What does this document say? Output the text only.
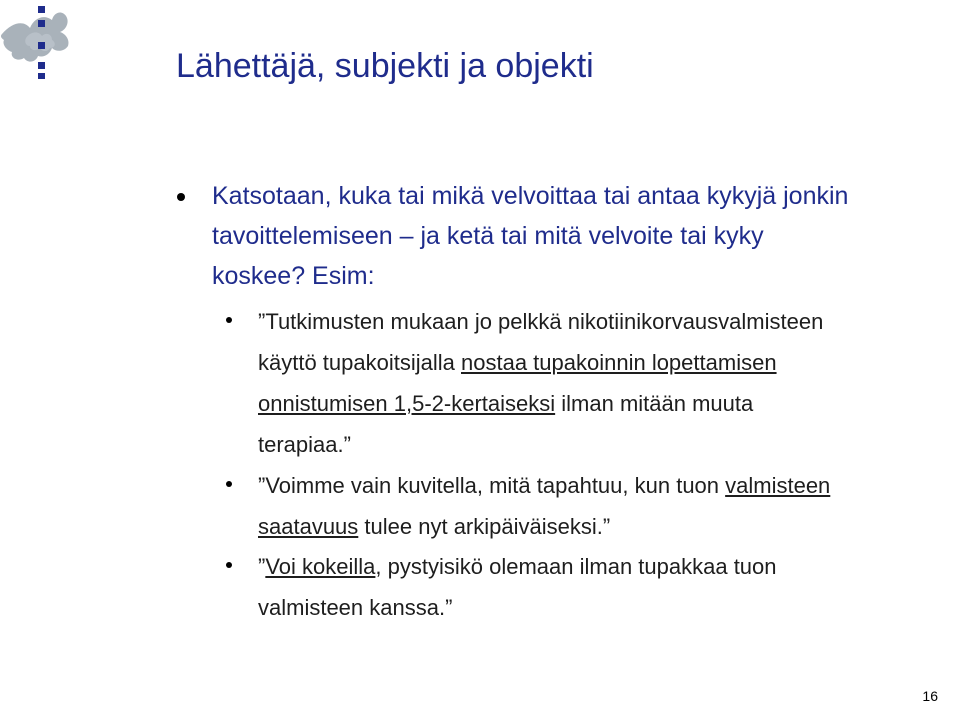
Lähettäjä, subjekti ja objekti
Katsotaan, kuka tai mikä velvoittaa tai antaa kykyjä jonkin
tavoittelemiseen – ja ketä tai mitä velvoite tai kyky
koskee? Esim:
”Tutkimusten mukaan jo pelkkä nikotiinikorvausvalmisteen
käyttö tupakoitsijalla nostaa tupakoinnin lopettamisen
onnistumisen 1,5-2-kertaiseksi ilman mitään muuta
terapiaa.”
”Voimme vain kuvitella, mitä tapahtuu, kun tuon valmisteen
saatavuus tulee nyt arkipäiväiseksi.”
”Voi kokeilla, pystyisikö olemaan ilman tupakkaa tuon
valmisteen kanssa.”
16
